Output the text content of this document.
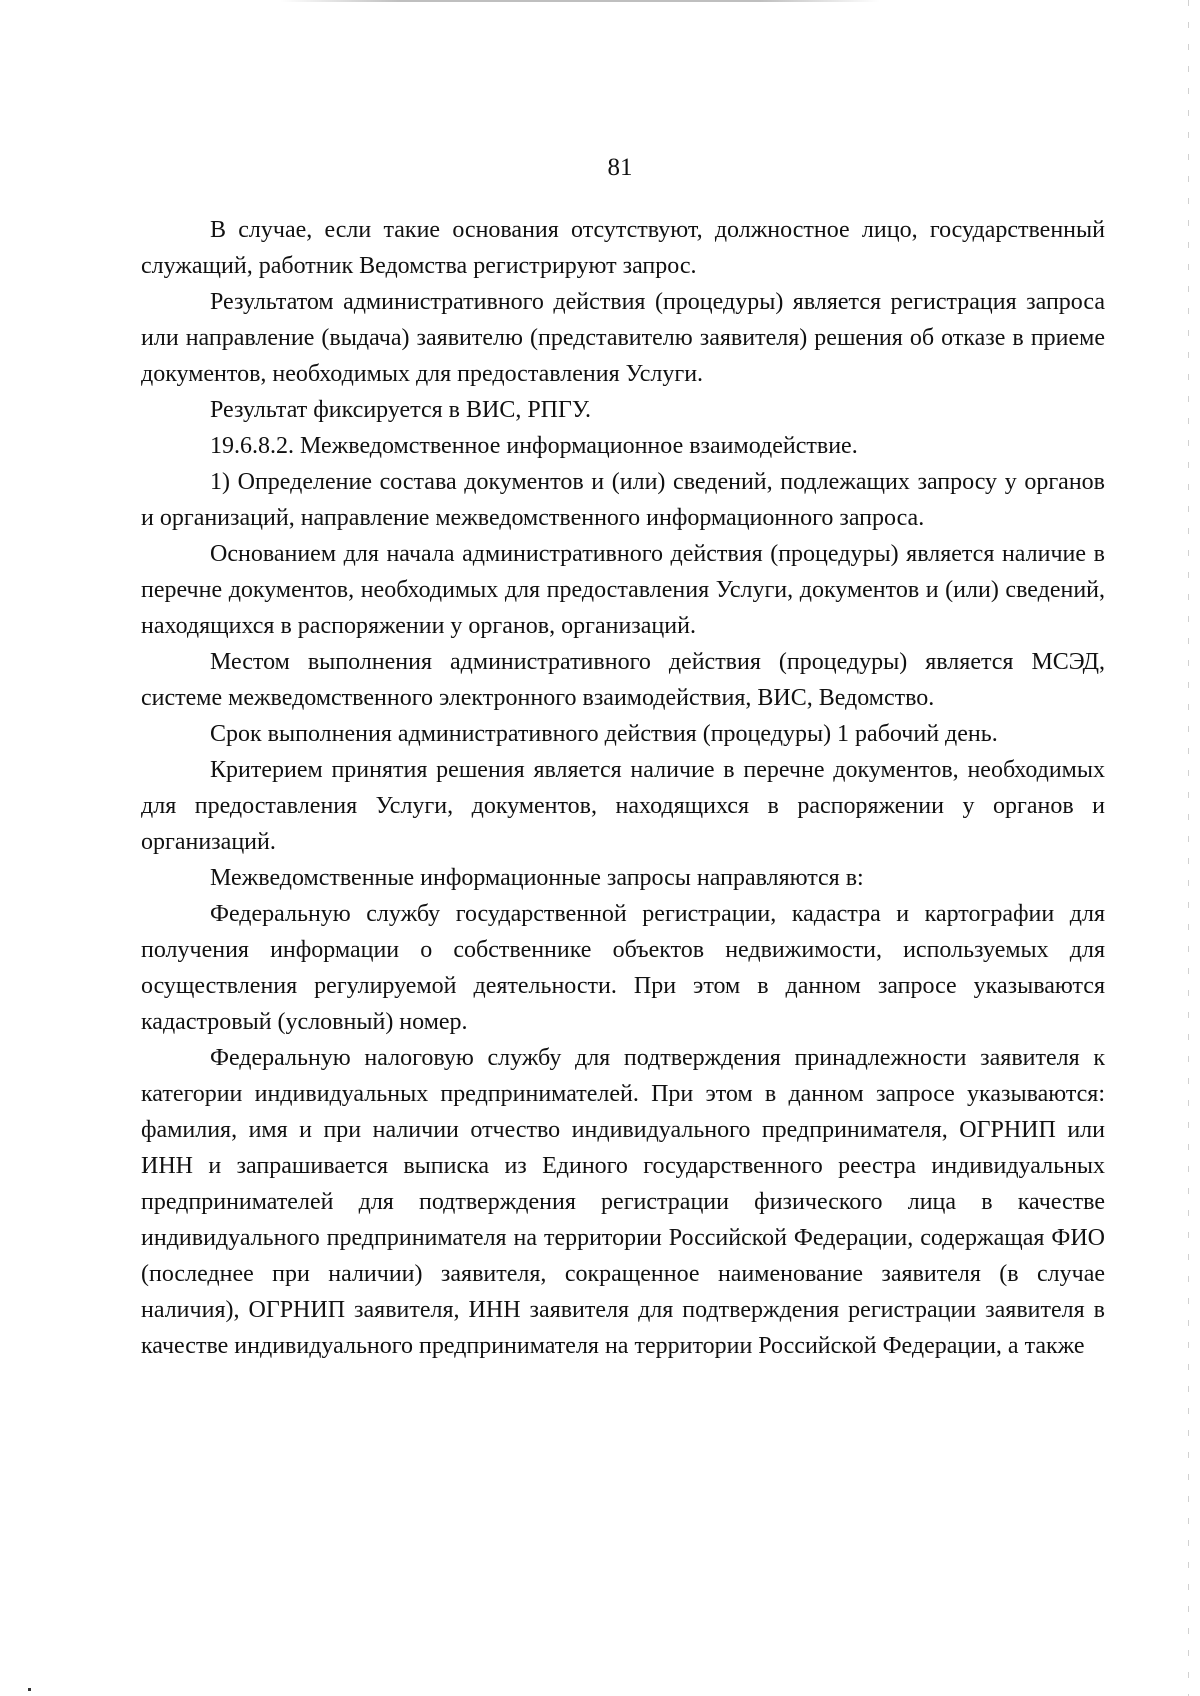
81

В случае, если такие основания отсутствуют, должностное лицо, государственный служащий, работник Ведомства регистрируют запрос.

Результатом административного действия (процедуры) является регистрация запроса или направление (выдача) заявителю (представителю заявителя) решения об отказе в приеме документов, необходимых для предоставления Услуги.

Результат фиксируется в ВИС, РПГУ.

19.6.8.2. Межведомственное информационное взаимодействие.

1) Определение состава документов и (или) сведений, подлежащих запросу у органов и организаций, направление межведомственного информационного запроса.

Основанием для начала административного действия (процедуры) является наличие в перечне документов, необходимых для предоставления Услуги, документов и (или) сведений, находящихся в распоряжении у органов, организаций.

Местом выполнения административного действия (процедуры) является МСЭД, системе межведомственного электронного взаимодействия, ВИС, Ведомство.

Срок выполнения административного действия (процедуры) 1 рабочий день.

Критерием принятия решения является наличие в перечне документов, необходимых для предоставления Услуги, документов, находящихся в распоряжении у органов и организаций.

Межведомственные информационные запросы направляются в:

Федеральную службу государственной регистрации, кадастра и картографии для получения информации о собственнике объектов недвижимости, используемых для осуществления регулируемой деятельности. При этом в данном запросе указываются кадастровый (условный) номер.

Федеральную налоговую службу для подтверждения принадлежности заявителя к категории индивидуальных предпринимателей. При этом в данном запросе указываются: фамилия, имя и при наличии отчество индивидуального предпринимателя, ОГРНИП или ИНН и запрашивается выписка из Единого государственного реестра индивидуальных предпринимателей для подтверждения регистрации физического лица в качестве индивидуального предпринимателя на территории Российской Федерации, содержащая ФИО (последнее при наличии) заявителя, сокращенное наименование заявителя (в случае наличия), ОГРНИП заявителя, ИНН заявителя для подтверждения регистрации заявителя в качестве индивидуального предпринимателя на территории Российской Федерации, а также
